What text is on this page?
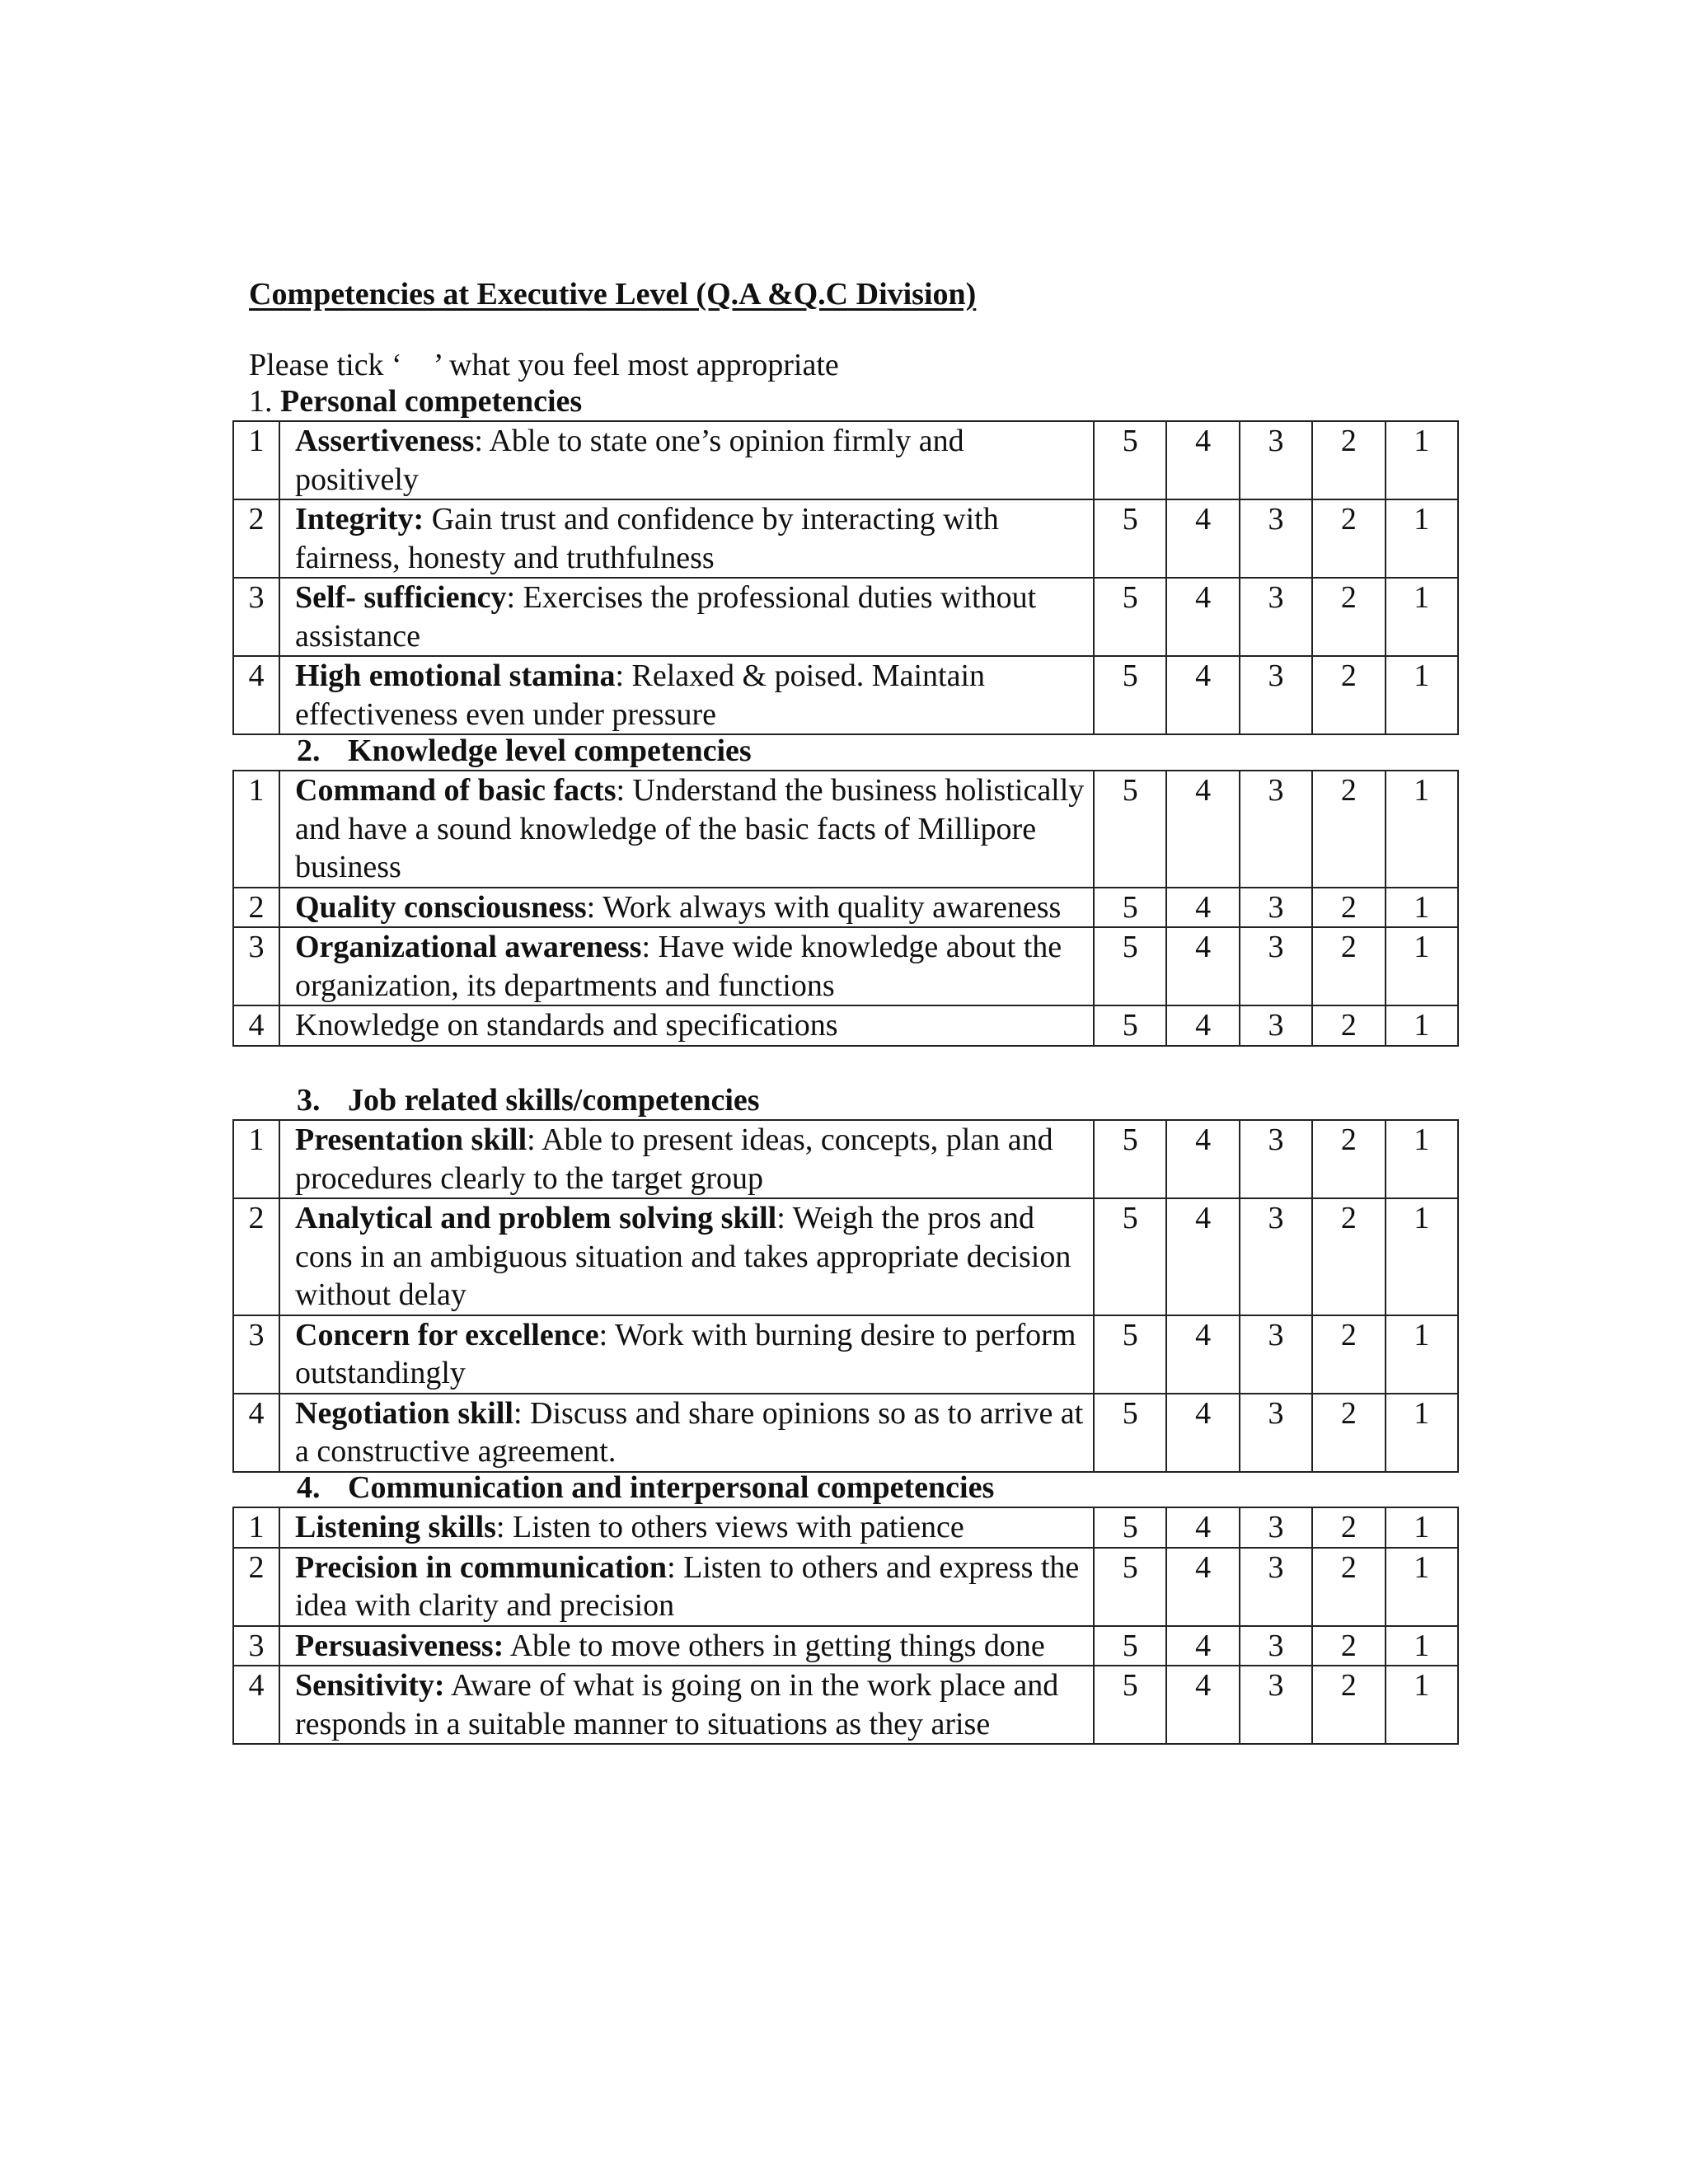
Competencies at Executive Level (Q.A &Q.C Division)
Please tick ‘    ’ what you feel most appropriate
1. Personal competencies
1	Assertiveness: Able to state one’s opinion firmly and positively	5	4	3	2	1
2	Integrity: Gain trust and confidence by interacting with fairness, honesty and truthfulness	5	4	3	2	1
3	Self- sufficiency: Exercises the professional duties without assistance	5	4	3	2	1
4	High emotional stamina: Relaxed & poised. Maintain effectiveness even under pressure	5	4	3	2	1
2. Knowledge level competencies
1	Command of basic facts: Understand the business holistically and have a sound knowledge of the basic facts of Millipore business	5	4	3	2	1
2	Quality consciousness: Work always with quality awareness	5	4	3	2	1
3	Organizational awareness: Have wide knowledge about the organization, its departments and functions	5	4	3	2	1
4	Knowledge on standards and specifications	5	4	3	2	1
3. Job related skills/competencies
1	Presentation skill: Able to present ideas, concepts, plan and procedures clearly to the target group	5	4	3	2	1
2	Analytical and problem solving skill: Weigh the pros and cons in an ambiguous situation and takes appropriate decision without delay	5	4	3	2	1
3	Concern for excellence: Work with burning desire to perform outstandingly	5	4	3	2	1
4	Negotiation skill: Discuss and share opinions so as to arrive at a constructive agreement.	5	4	3	2	1
4. Communication and interpersonal competencies
1	Listening skills: Listen to others views with patience	5	4	3	2	1
2	Precision in communication: Listen to others and express the idea with clarity and precision	5	4	3	2	1
3	Persuasiveness: Able to move others in getting things done	5	4	3	2	1
4	Sensitivity: Aware of what is going on in the work place and responds in a suitable manner to situations as they arise	5	4	3	2	1
